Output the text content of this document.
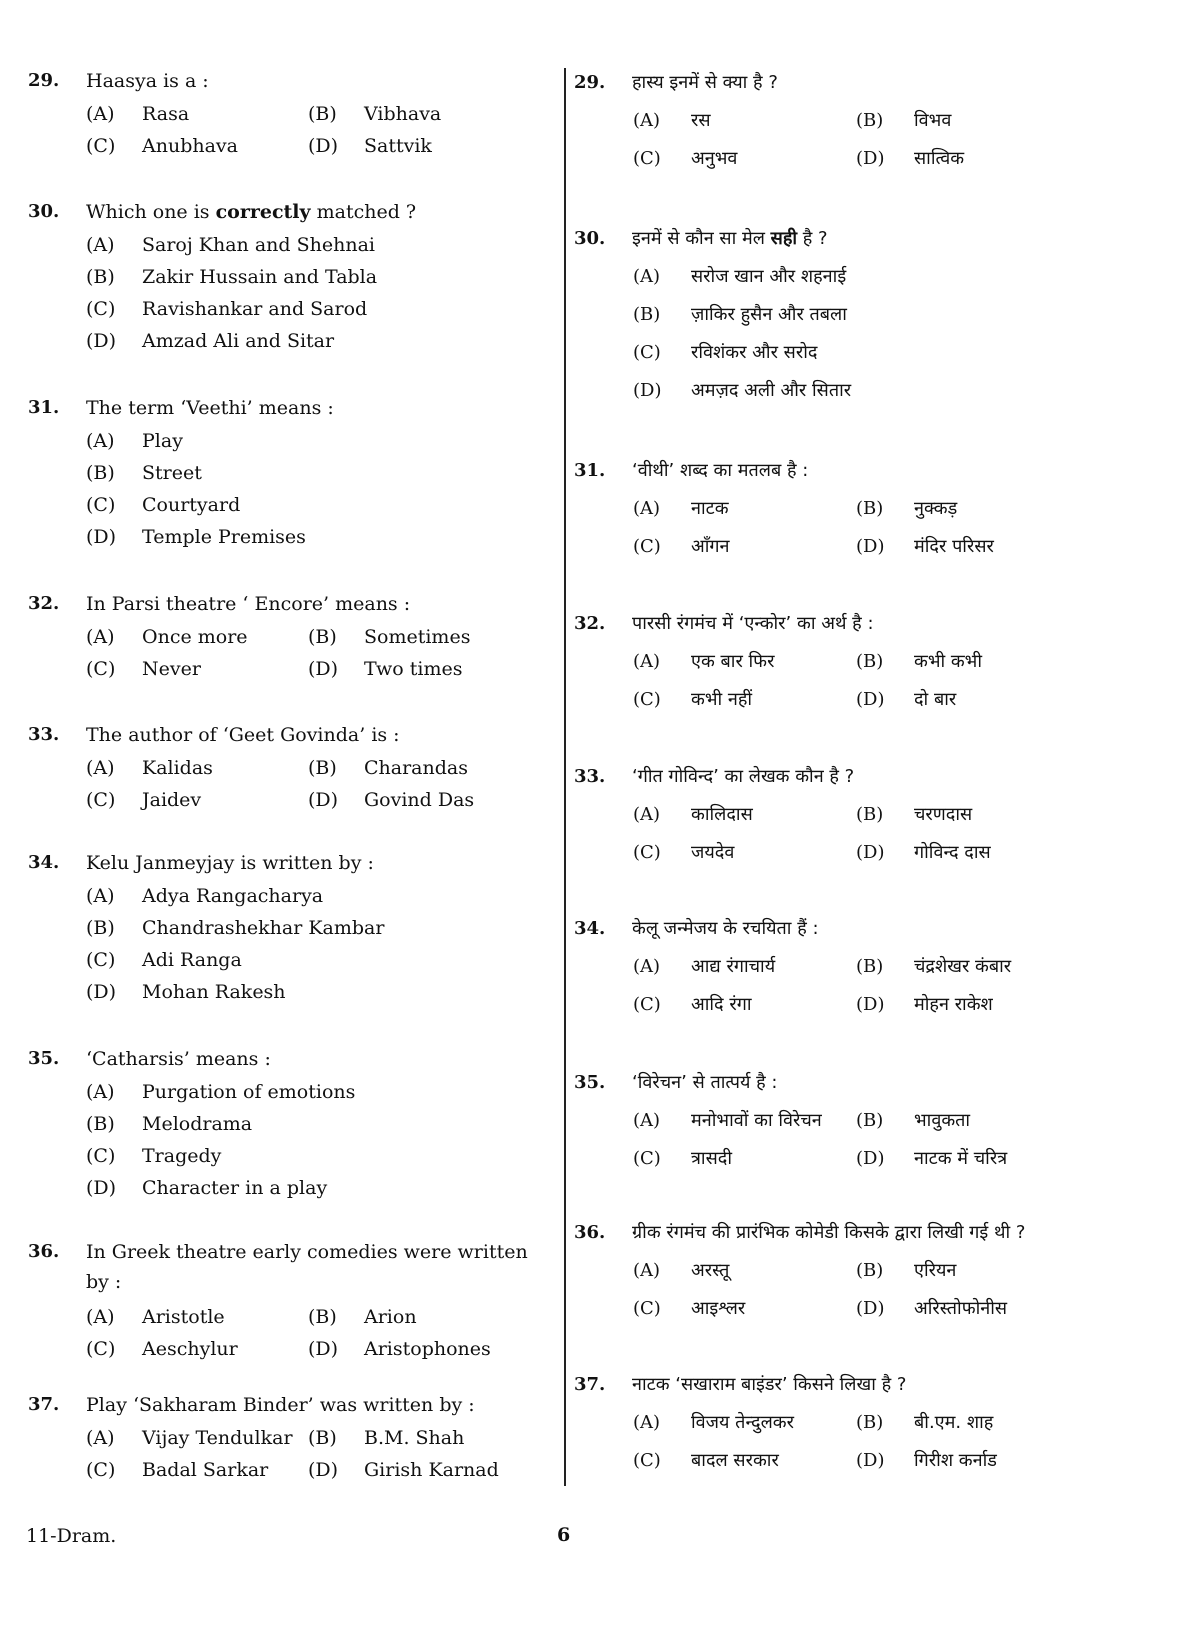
29. Haasya is a :
(A) Rasa	(B) Vibhava
(C) Anubhava	(D) Sattvik
30. Which one is correctly matched ?
(A) Saroj Khan and Shehnai
(B) Zakir Hussain and Tabla
(C) Ravishankar and Sarod
(D) Amzad Ali and Sitar
31. The term ‘Veethi’ means :
(A) Play
(B) Street
(C) Courtyard
(D) Temple Premises
32. In Parsi theatre ‘ Encore’ means :
(A) Once more	(B) Sometimes
(C) Never	(D) Two times
33. The author of ‘Geet Govinda’ is :
(A) Kalidas	(B) Charandas
(C) Jaidev	(D) Govind Das
34. Kelu Janmeyjay is written by :
(A) Adya Rangacharya
(B) Chandrashekhar Kambar
(C) Adi Ranga
(D) Mohan Rakesh
35. ‘Catharsis’ means :
(A) Purgation of emotions
(B) Melodrama
(C) Tragedy
(D) Character in a play
36. In Greek theatre early comedies were written by :
(A) Aristotle	(B) Arion
(C) Aeschylur	(D) Aristophones
37. Play ‘Sakharam Binder’ was written by :
(A) Vijay Tendulkar (B) B.M. Shah
(C) Badal Sarkar (D) Girish Karnad
29. हास्य इनमें से क्या है ?
(A) रस	(B) विभव
(C) अनुभव	(D) सात्विक
30. इनमें से कौन सा मेल सही है ?
(A) सरोज खान और शहनाई
(B) ज़ाकिर हुसैन और तबला
(C) रविशंकर और सरोद
(D) अमज़द अली और सितार
31. ‘वीथी’ शब्द का मतलब है :
(A) नाटक	(B) नुक्कड़
(C) आँगन	(D) मंदिर परिसर
32. पारसी रंगमंच में ‘एन्कोर’ का अर्थ है :
(A) एक बार फिर	(B) कभी कभी
(C) कभी नहीं	(D) दो बार
33. ‘गीत गोविन्द’ का लेखक कौन है ?
(A) कालिदास	(B) चरणदास
(C) जयदेव	(D) गोविन्द दास
34. केलू जन्मेजय के रचयिता हैं :
(A) आद्य रंगाचार्य	(B) चंद्रशेखर कंबार
(C) आदि रंगा	(D) मोहन राकेश
35. ‘विरेचन’ से तात्पर्य है :
(A) मनोभावों का विरेचन (B) भावुकता
(C) त्रासदी	(D) नाटक में चरित्र
36. ग्रीक रंगमंच की प्रारंभिक कोमेडी किसके द्वारा लिखी गई थी ?
(A) अरस्तू	(B) एरियन
(C) आइश्लर	(D) अरिस्तोफोनीस
37. नाटक ‘सखाराम बाइंडर’ किसने लिखा है ?
(A) विजय तेन्दुलकर	(B) बी.एम. शाह
(C) बादल सरकार	(D) गिरीश कर्नाड
11-Dram.	6
